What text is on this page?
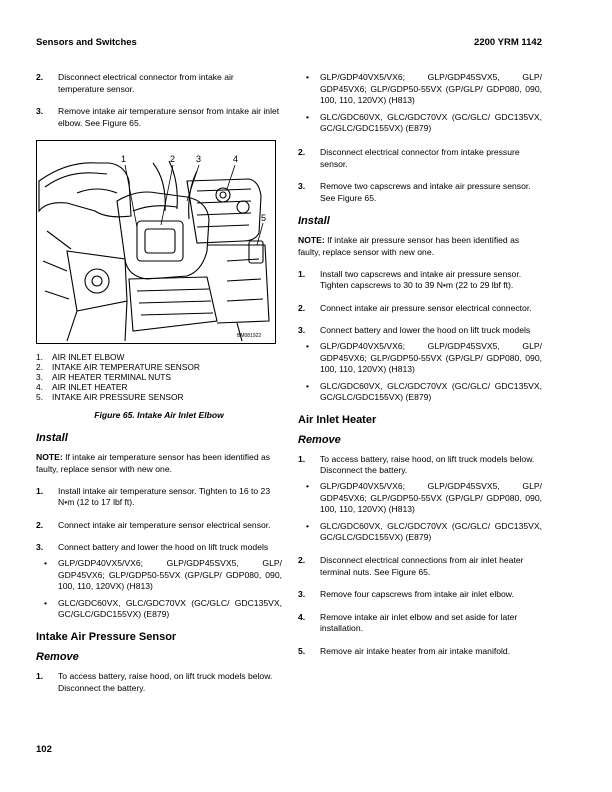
Sensors and Switches	2200 YRM 1142
2.	Disconnect electrical connector from intake air temperature sensor.
3.	Remove intake air temperature sensor from intake air inlet elbow. See Figure 65.
1	2 3	4
5
BM081922
1.	AIR INLET ELBOW
2.	INTAKE AIR TEMPERATURE SENSOR
3.	AIR HEATER TERMINAL NUTS
4.	AIR INLET HEATER
5.	INTAKE AIR PRESSURE SENSOR
Figure 65. Intake Air Inlet Elbow
Install
NOTE: If intake air temperature sensor has been identified as faulty, replace sensor with new one.
1.	Install intake air temperature sensor. Tighten to 16 to 23 N•m (12 to 17 lbf ft).
2.	Connect intake air temperature sensor electrical sensor.
3.	Connect battery and lower the hood on lift truck models
•	GLP/GDP40VX5/VX6; GLP/GDP45SVX5, GLP/ GDP45VX6; GLP/GDP50-55VX (GP/GLP/ GDP080, 090, 100, 110, 120VX) (H813)
•	GLC/GDC60VX, GLC/GDC70VX (GC/GLC/ GDC135VX, GC/GLC/GDC155VX) (E879)
Intake Air Pressure Sensor
Remove
1.	To access battery, raise hood, on lift truck models below. Disconnect the battery.
•	GLP/GDP40VX5/VX6; GLP/GDP45SVX5, GLP/ GDP45VX6; GLP/GDP50-55VX (GP/GLP/ GDP080, 090, 100, 110, 120VX) (H813)
•	GLC/GDC60VX, GLC/GDC70VX (GC/GLC/ GDC135VX, GC/GLC/GDC155VX) (E879)
2.	Disconnect electrical connector from intake pressure sensor.
3.	Remove two capscrews and intake air pressure sensor. See Figure 65.
Install
NOTE: If intake air pressure sensor has been identified as faulty, replace sensor with new one.
1.	Install two capscrews and intake air pressure sensor. Tighten capscrews to 30 to 39 N•m (22 to 29 lbf ft).
2.	Connect intake air pressure sensor electrical connector.
3.	Connect battery and lower the hood on lift truck models
•	GLP/GDP40VX5/VX6; GLP/GDP45SVX5, GLP/ GDP45VX6; GLP/GDP50-55VX (GP/GLP/ GDP080, 090, 100, 110, 120VX) (H813)
•	GLC/GDC60VX, GLC/GDC70VX (GC/GLC/ GDC135VX, GC/GLC/GDC155VX) (E879)
Air Inlet Heater
Remove
1.	To access battery, raise hood, on lift truck models below. Disconnect the battery.
•	GLP/GDP40VX5/VX6; GLP/GDP45SVX5, GLP/ GDP45VX6; GLP/GDP50-55VX (GP/GLP/ GDP080, 090, 100, 110, 120VX) (H813)
•	GLC/GDC60VX, GLC/GDC70VX (GC/GLC/ GDC135VX, GC/GLC/GDC155VX) (E879)
2.	Disconnect electrical connections from air inlet heater terminal nuts. See Figure 65.
3.	Remove four capscrews from intake air inlet elbow.
4.	Remove intake air inlet elbow and set aside for later installation.
5.	Remove air intake heater from air intake manifold.
102
